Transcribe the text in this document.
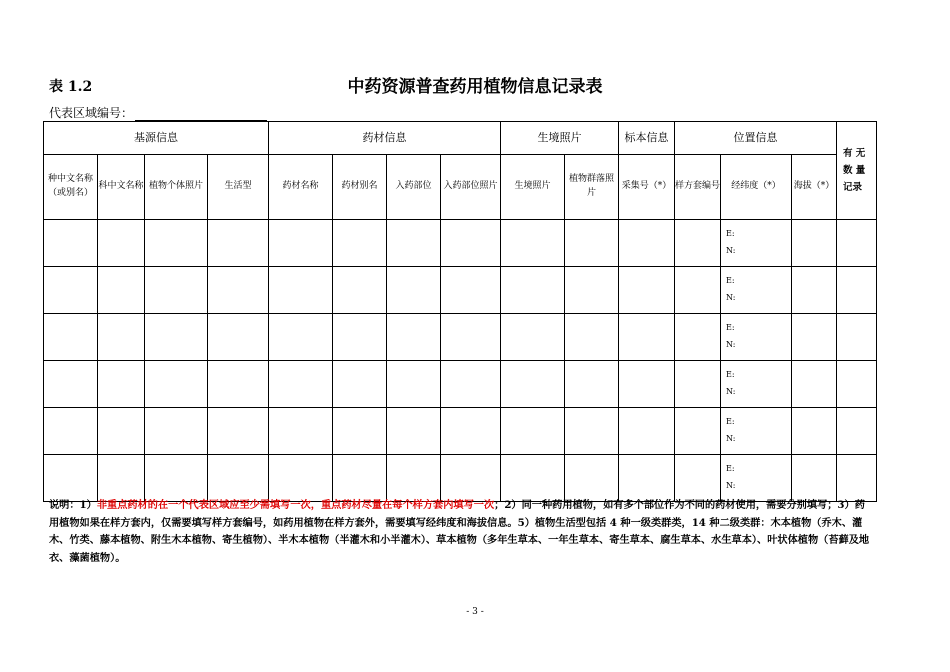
表 1.2	中药资源普查药用植物信息记录表
代表区域编号：
基源信息				药材信息				生境照片		标本信息	位置信息			有 无 数 量 记录
种中文名称（或别名）	科中文名称	植物个体照片	生活型	药材名称	药材别名	入药部位	入药部位照片	生境照片	植物群落照片	采集号（*）	样方套编号	经纬度（*）	海拔（*）	

												E:
N:		

												E:
N:		

												E:
N:		

												E:
N:		

												E:
N:		

												E:
N:		

说明：1）非重点药材的在一个代表区域应至少需填写一次，重点药材尽量在每个样方套内填写一次；2）同一种药用植物，如有多个部位作为不同的药材使用，需要分别填写；3）药用植物如果在样方套内，仅需要填写样方套编号，如药用植物在样方套外，需要填写经纬度和海拔信息。5）植物生活型包括 4 种一级类群类，14 种二级类群：木本植物（乔木、灌木、竹类、藤本植物、附生木本植物、寄生植物）、半木本植物（半灌木和小半灌木）、草本植物（多年生草本、一年生草本、寄生草本、腐生草本、水生草本）、叶状体植物（苔藓及地衣、藻菌植物）。
- 3 -
